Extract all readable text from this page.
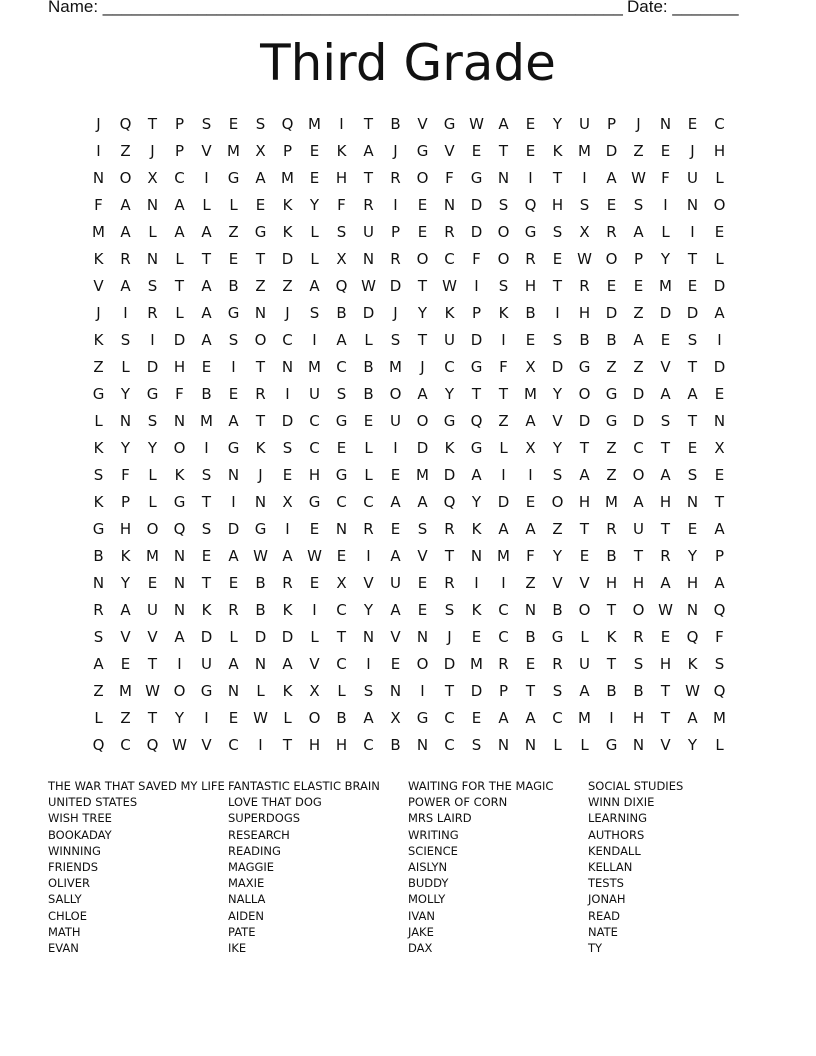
Name: _______________________________________________________ Date: _______
Third Grade
J	Q	T	P	S	E	S	Q M	I	T	B	V	G W A	E	Y	U	P	J	N	E	C
I	Z	J	P	V	M	X	P	E	K	A	J	G	V	E	T	E	K	M D	Z	E	J	H
N	O	X	C	I	G	A	M	E	H	T	R	O	F	G	N	I	T	I	A W	F	U	L
F	A	N	A	L	L	E	K	Y	F	R	I	E	N	D	S	Q	H	S	E	S	I	N	O
M	A	L	A	A	Z	G	K	L	S	U	P	E	R	D	O	G	S	X	R	A	L	I	E
K	R	N	L	T	E	T	D	L	X	N	R	O	C	F	O	R	E W O	P	Y	T	L
V	A	S	T	A	B	Z	Z	A	Q W D	T	W	I	S	H	T	R	E	E	M	E	D
J	I	R	L	A	G	N	J	S	B	D	J	Y	K	P	K	B	I	H	D	Z	D	D	A
K	S	I	D	A	S	O	C	I	A	L	S	T	U	D	I	E	S	B	B	A	E	S	I
Z	L	D	H	E	I	T	N M	C	B	M	J	C	G	F	X	D	G	Z	Z	V	T	D
G	Y	G	F	B	E	R	I	U	S	B	O	A	Y	T	T	M	Y	O	G	D	A	A	E
L	N	S	N M	A	T	D	C	G	E	U	O	G	Q	Z	A	V	D	G	D	S	T	N
K	Y	Y	O	I	G	K	S	C	E	L	I	D	K	G	L	X	Y	T	Z	C	T	E	X
S	F	L	K	S	N	J	E	H	G	L	E	M D	A	I	I	S	A	Z	O	A	S	E
K	P	L	G	T	I	N	X	G	C	C	A	A	Q	Y	D	E	O	H M	A	H	N	T
G	H	O	Q	S	D	G	I	E	N	R	E	S	R	K	A	A	Z	T	R	U	T	E	A
B	K	M N	E	A W A W E	I	A	V	T	N M	F	Y	E	B	T	R	Y	P
N	Y	E	N	T	E	B	R	E	X	V	U	E	R	I	I	Z	V	V	H	H	A	H	A
R	A	U	N	K	R	B	K	I	C	Y	A	E	S	K	C	N	B	O	T	O W N	Q
S	V	V	A	D	L	D	D	L	T	N	V	N	J	E	C	B	G	L	K	R	E	Q	F
A	E	T	I	U	A	N	A	V	C	I	E	O	D M	R	E	R	U	T	S	H	K	S
Z	M W O	G	N	L	K	X	L	S	N	I	T	D	P	T	S	A	B	B	T	W Q
L	Z	T	Y	I	E W	L	O	B	A	X	G	C	E	A	A	C	M	I	H	T	A	M
Q	C	Q W V	C	I	T	H	H	C	B	N	C	S	N	N	L	L	G	N	V	Y	L
THE WAR THAT SAVED MY LIFE
UNITED STATES
WISH TREE
BOOKADAY
WINNING
FRIENDS
OLIVER
SALLY
CHLOE
MATH
EVAN
FANTASTIC ELASTIC BRAIN
LOVE THAT DOG
SUPERDOGS
RESEARCH
READING
MAGGIE
MAXIE
NALLA
AIDEN
PATE
IKE
WAITING FOR THE MAGIC
POWER OF CORN
MRS LAIRD
WRITING
SCIENCE
AISLYN
BUDDY
MOLLY
IVAN
JAKE
DAX
SOCIAL STUDIES
WINN DIXIE
LEARNING
AUTHORS
KENDALL
KELLAN
TESTS
JONAH
READ
NATE
TY
